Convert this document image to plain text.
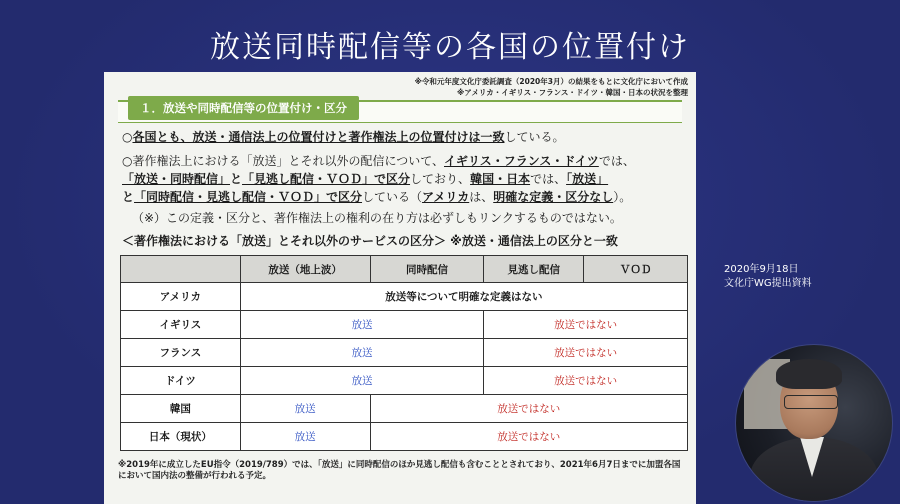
放送同時配信等の各国の位置付け
※令和元年度文化庁委託調査（2020年3月）の結果をもとに文化庁において作成
※アメリカ・イギリス・フランス・ドイツ・韓国・日本の状況を整理
１．放送や同時配信等の位置付け・区分
○各国とも、放送・通信法上の位置付けと著作権法上の位置付けは一致している。
○著作権法上における「放送」とそれ以外の配信について、イギリス・フランス・ドイツでは、
「放送・同時配信」と「見逃し配信・ＶＯＤ」で区分しており、韓国・日本では、「放送」
と「同時配信・見逃し配信・ＶＯＤ」で区分している（アメリカは、明確な定義・区分なし）。
（※）この定義・区分と、著作権法上の権利の在り方は必ずしもリンクするものではない。
＜著作権法における「放送」とそれ以外のサービスの区分＞ ※放送・通信法上の区分と一致
	放送（地上波）	同時配信	見逃し配信	ＶＯＤ
アメリカ	放送等について明確な定義はない			
イギリス	放送		放送ではない	
フランス	放送		放送ではない	
ドイツ	放送		放送ではない	
韓国	放送	放送ではない		
日本（現状）	放送	放送ではない		
※2019年に成立したEU指令（2019/789）では、「放送」に同時配信のほか見逃し配信も含むこととされており、2021年6月7日までに加盟各国において国内法の整備が行われる予定。
2020年9月18日
文化庁WG提出資料
